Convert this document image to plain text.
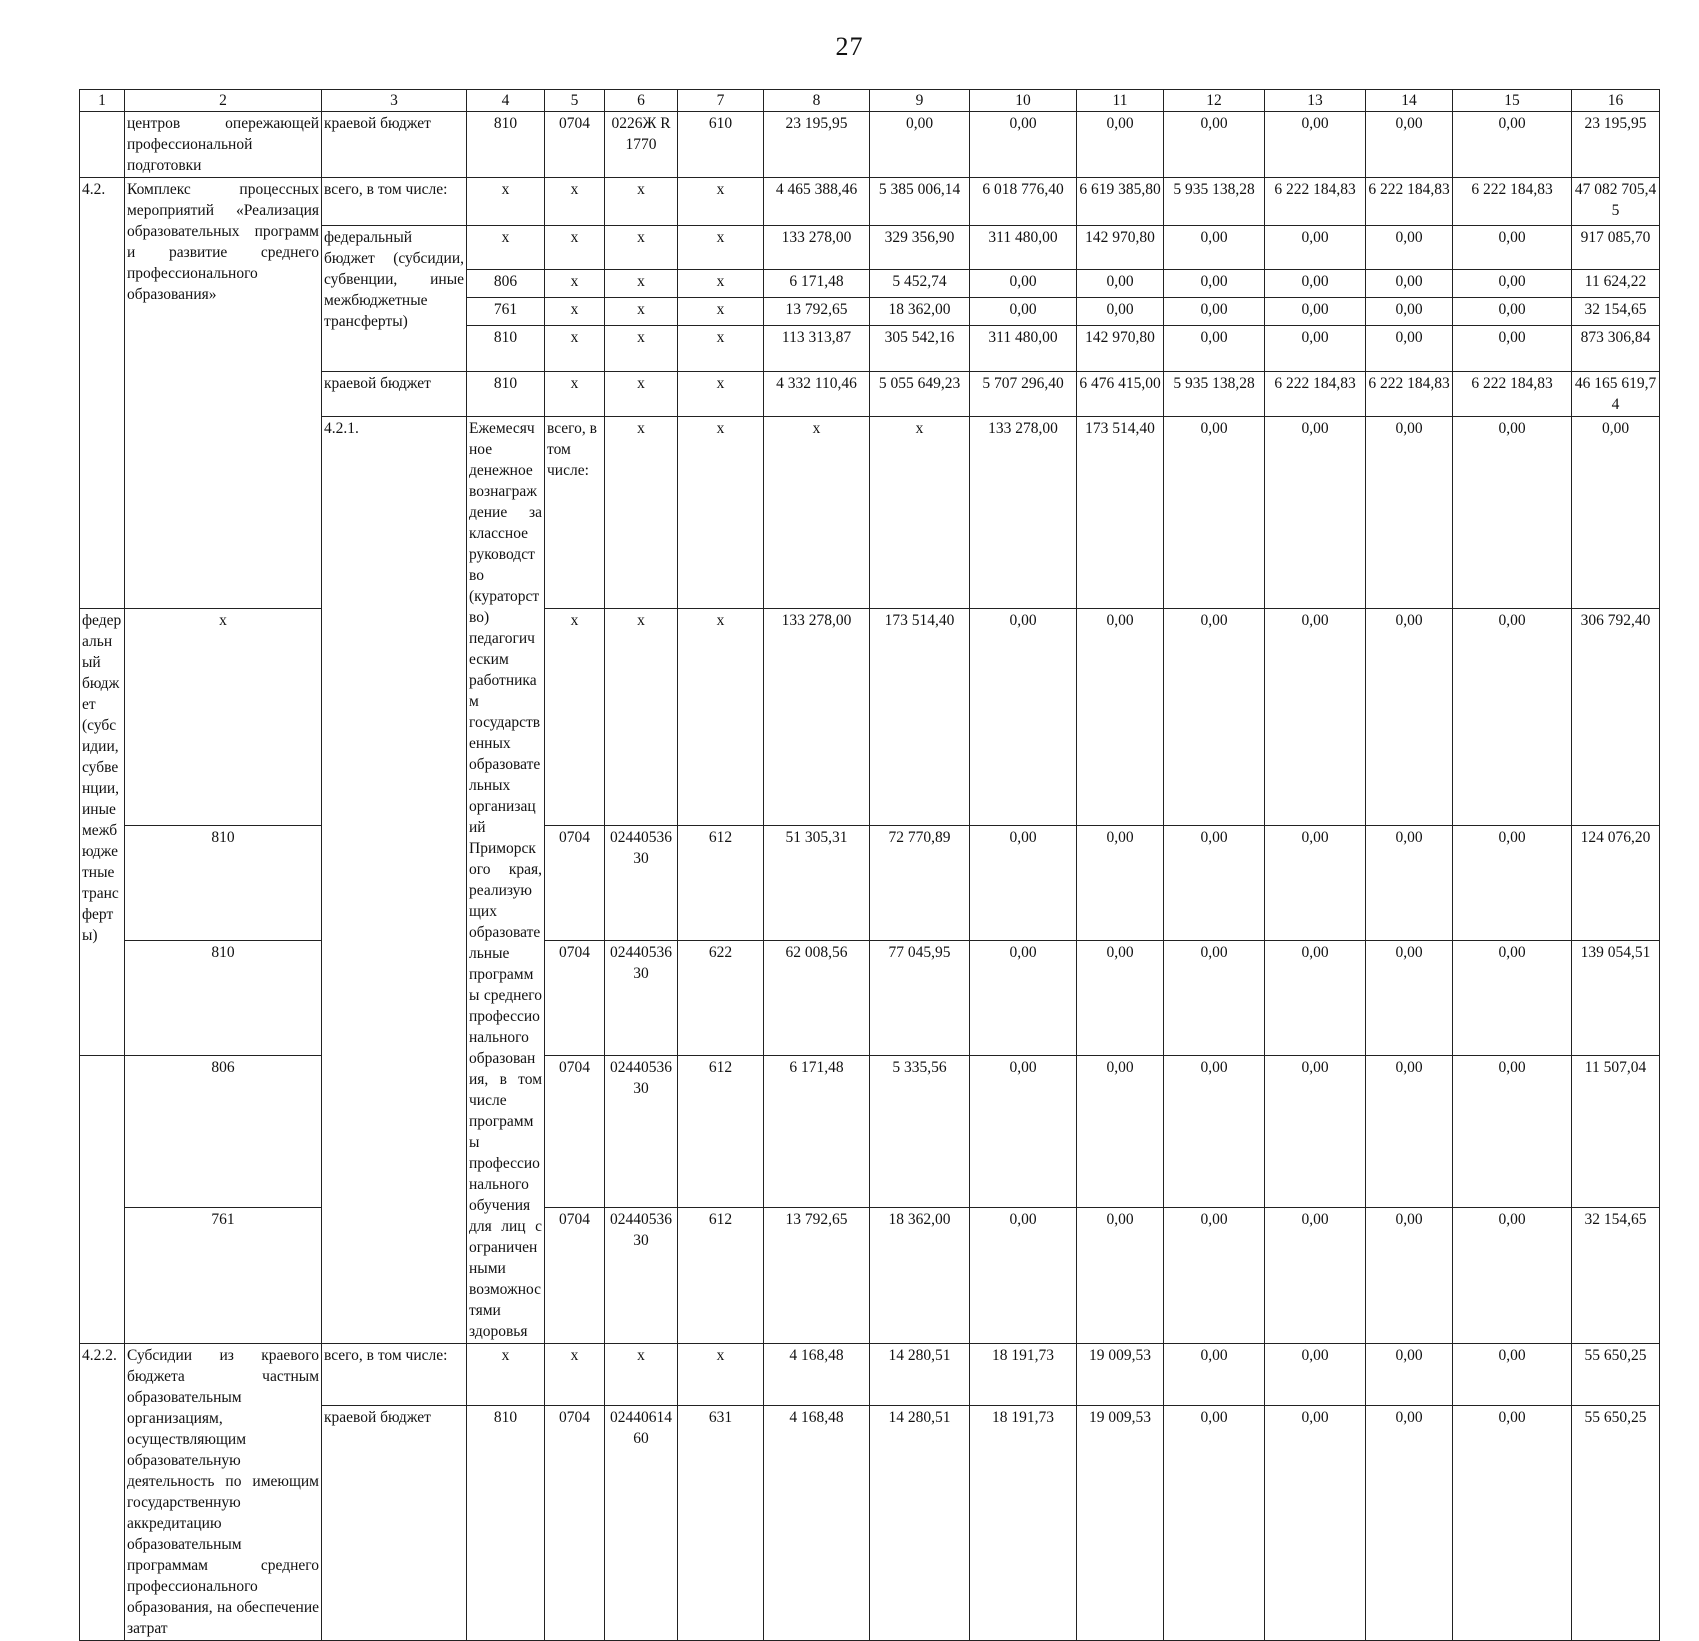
27
1	2	3	4	5	6	7	8	9	10	11	12	13	14	15	16	
	центров опережающей профессиональной подготовки	краевой бюджет	810	0704	0226Ж R1770	610	23 195,95	0,00	0,00	0,00	0,00	0,00	0,00	0,00	23 195,95	
4.2.	Комплекс процессных мероприятий «Реализация образовательных программ и развитие среднего профессионального образования»	всего, в том числе:	x	x	x	x	4 465 388,46	5 385 006,14	6 018 776,40	6 619 385,80	5 935 138,28	6 222 184,83	6 222 184,83	6 222 184,83	47 082 705,45	
		федеральный бюджет (субсидии, субвенции, иные межбюджетные трансферты)	x	x	x	x	133 278,00	329 356,90	311 480,00	142 970,80	0,00	0,00	0,00	0,00	917 085,70	
			806	x	x	x	6 171,48	5 452,74	0,00	0,00	0,00	0,00	0,00	0,00	11 624,22	
			761	x	x	x	13 792,65	18 362,00	0,00	0,00	0,00	0,00	0,00	0,00	32 154,65	
			810	x	x	x	113 313,87	305 542,16	311 480,00	142 970,80	0,00	0,00	0,00	0,00	873 306,84	
		краевой бюджет	810	x	x	x	4 332 110,46	5 055 649,23	5 707 296,40	6 476 415,00	5 935 138,28	6 222 184,83	6 222 184,83	6 222 184,83	46 165 619,74	
		4.2.1.	Ежемесячное денежное вознаграждение за классное руководство (кураторство) педагогическим работникам государственных образовательных организаций Приморского края, реализующих образовательные программы среднего профессионального образования, в том числе программы профессионального обучения для лиц с ограниченными возможностями здоровья	всего, в том числе:	x	x	x	x	133 278,00	173 514,40	0,00	0,00	0,00	0,00	0,00		
федеральный бюджет (субсидии, субвенции, иные межбюджетные трансферты)	x			x	x	x	133 278,00	173 514,40	0,00	0,00	0,00	0,00	0,00	0,00	306 792,40	
	810			0704	0244053630	612	51 305,31	72 770,89	0,00	0,00	0,00	0,00	0,00	0,00	124 076,20	
	810			0704	0244053630	622	62 008,56	77 045,95	0,00	0,00	0,00	0,00	0,00	0,00	139 054,51	
	806			0704	0244053630	612	6 171,48	5 335,56	0,00	0,00	0,00	0,00	0,00	0,00	11 507,04	
	761			0704	0244053630	612	13 792,65	18 362,00	0,00	0,00	0,00	0,00	0,00	0,00	32 154,65	
4.2.2.	Субсидии из краевого бюджета частным образовательным организациям, осуществляющим образовательную деятельность по имеющим государственную аккредитацию образовательным программам среднего профессионального образования, на обеспечение затрат	всего, в том числе:	x	x	x	x	4 168,48	14 280,51	18 191,73	19 009,53	0,00	0,00	0,00	0,00	55 650,25	
		краевой бюджет	810	0704	0244061460	631	4 168,48	14 280,51	18 191,73	19 009,53	0,00	0,00	0,00	0,00	55 650,25	
